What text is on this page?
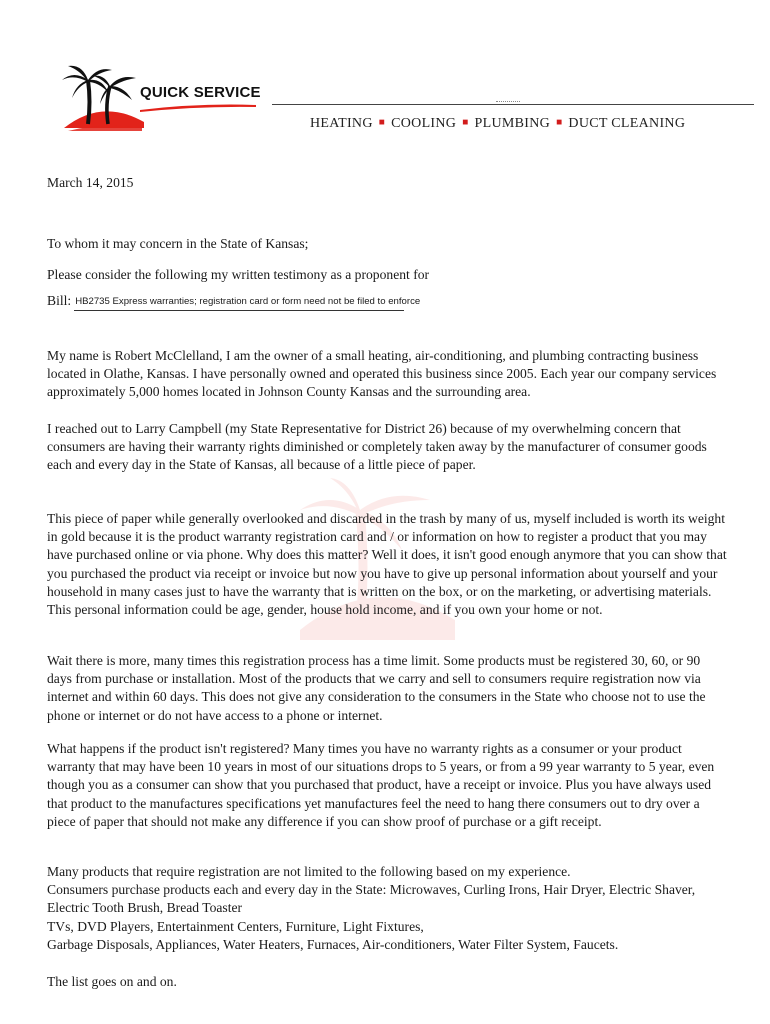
QUICK SERVICE
HEATING ■ COOLING ■ PLUMBING ■ DUCT CLEANING

March 14, 2015

To whom it may concern in the State of Kansas;

Please consider the following my written testimony as a proponent for

Bill: HB2735 Express warranties; registration card or form need not be filed to enforce

My name is Robert McClelland, I am the owner of a small heating, air-conditioning, and plumbing contracting business located in Olathe, Kansas. I have personally owned and operated this business since 2005. Each year our company services approximately 5,000 homes located in Johnson County Kansas and the surrounding area.

I reached out to Larry Campbell (my State Representative for District 26) because of my overwhelming concern that consumers are having their warranty rights diminished or completely taken away by the manufacturer of consumer goods each and every day in the State of Kansas, all because of a little piece of paper.

This piece of paper while generally overlooked and discarded in the trash by many of us, myself included is worth its weight in gold because it is the product warranty registration card and / or information on how to register a product that you may have purchased online or via phone. Why does this matter? Well it does, it isn't good enough anymore that you can show that you purchased the product via receipt or invoice but now you have to give up personal information about yourself and your household in many cases just to have the warranty that is written on the box, or on the marketing, or advertising materials. This personal information could be age, gender, house hold income, and if you own your home or not.

Wait there is more, many times this registration process has a time limit. Some products must be registered 30, 60, or 90 days from purchase or installation. Most of the products that we carry and sell to consumers require registration now via internet and within 60 days. This does not give any consideration to the consumers in the State who choose not to use the phone or internet or do not have access to a phone or internet.

What happens if the product isn't registered? Many times you have no warranty rights as a consumer or your product warranty that may have been 10 years in most of our situations drops to 5 years, or from a 99 year warranty to 5 year, even though you as a consumer can show that you purchased that product, have a receipt or invoice. Plus you have always used that product to the manufactures specifications yet manufactures feel the need to hang there consumers out to dry over a piece of paper that should not make any difference if you can show proof of purchase or a gift receipt.

Many products that require registration are not limited to the following based on my experience.
Consumers purchase products each and every day in the State: Microwaves, Curling Irons, Hair Dryer, Electric Shaver, Electric Tooth Brush, Bread Toaster
TVs, DVD Players, Entertainment Centers, Furniture, Light Fixtures,
Garbage Disposals, Appliances, Water Heaters, Furnaces, Air-conditioners, Water Filter System, Faucets.

The list goes on and on.
